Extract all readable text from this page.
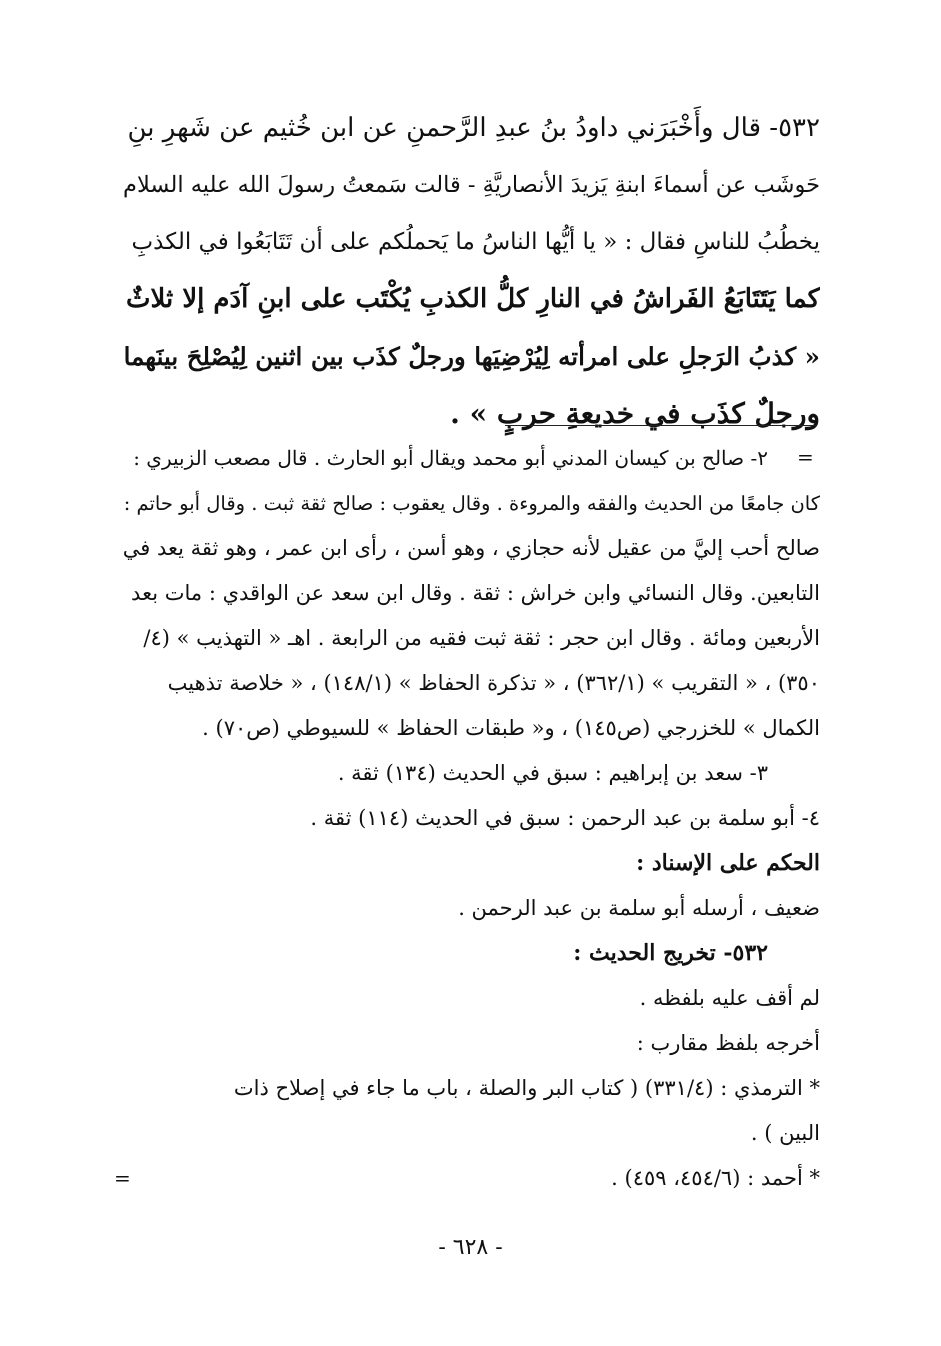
٥٣٢- قال وأَخْبَرَني داودُ بنُ عبدِ الرَّحمنِ عن ابن خُثيم عن شَهرِ بنِ
حَوشَب عن أسماءَ ابنةِ يَزيدَ الأنصاريَّةِ - قالت سَمعتُ رسولَ الله عليه السلام
يخطُبُ للناسِ فقال : « يا أيُّها الناسُ ما يَحملُكم على أن تَتَابَعُوا في الكذبِ
كما يَتَتَابَعُ الفَراشُ في النارِ كلُّ الكذبِ يُكْتَب على ابنِ آدَم إلا ثلاثٌ
« كذبُ الرَجلِ على امرأته لِيُرْضِيَها ورجلٌ كذَب بين اثنين لِيُصْلِحَ بينَهما
ورجلٌ كذَب في خديعةِ حربٍ » .
=
٢- صالح بن كيسان المدني أبو محمد ويقال أبو الحارث . قال مصعب الزبيري :
كان جامعًا من الحديث والفقه والمروءة . وقال يعقوب : صالح ثقة ثبت . وقال أبو حاتم :
صالح أحب إليَّ من عقيل لأنه حجازي ، وهو أسن ، رأى ابن عمر ، وهو ثقة يعد في
التابعين. وقال النسائي وابن خراش : ثقة . وقال ابن سعد عن الواقدي : مات بعد
الأربعين ومائة . وقال ابن حجر : ثقة ثبت فقيه من الرابعة . اهـ « التهذيب » (٤/
٣٥٠) ، « التقريب » (٣٦٢/١) ، « تذكرة الحفاظ » (١٤٨/١) ، « خلاصة تذهيب
الكمال » للخزرجي (ص١٤٥) ، و« طبقات الحفاظ » للسيوطي (ص٧٠) .
٣- سعد بن إبراهيم : سبق في الحديث (١٣٤) ثقة .
٤- أبو سلمة بن عبد الرحمن : سبق في الحديث (١١٤) ثقة .
الحكم على الإسناد :
ضعيف ، أرسله أبو سلمة بن عبد الرحمن .
٥٣٢- تخريج الحديث :
لم أقف عليه بلفظه .
أخرجه بلفظ مقارب :
* الترمذي : (٣٣١/٤) ( كتاب البر والصلة ، باب ما جاء في إصلاح ذات
البين ) .
* أحمد : (٤٥٤/٦، ٤٥٩) .
=
- ٦٢٨ -
